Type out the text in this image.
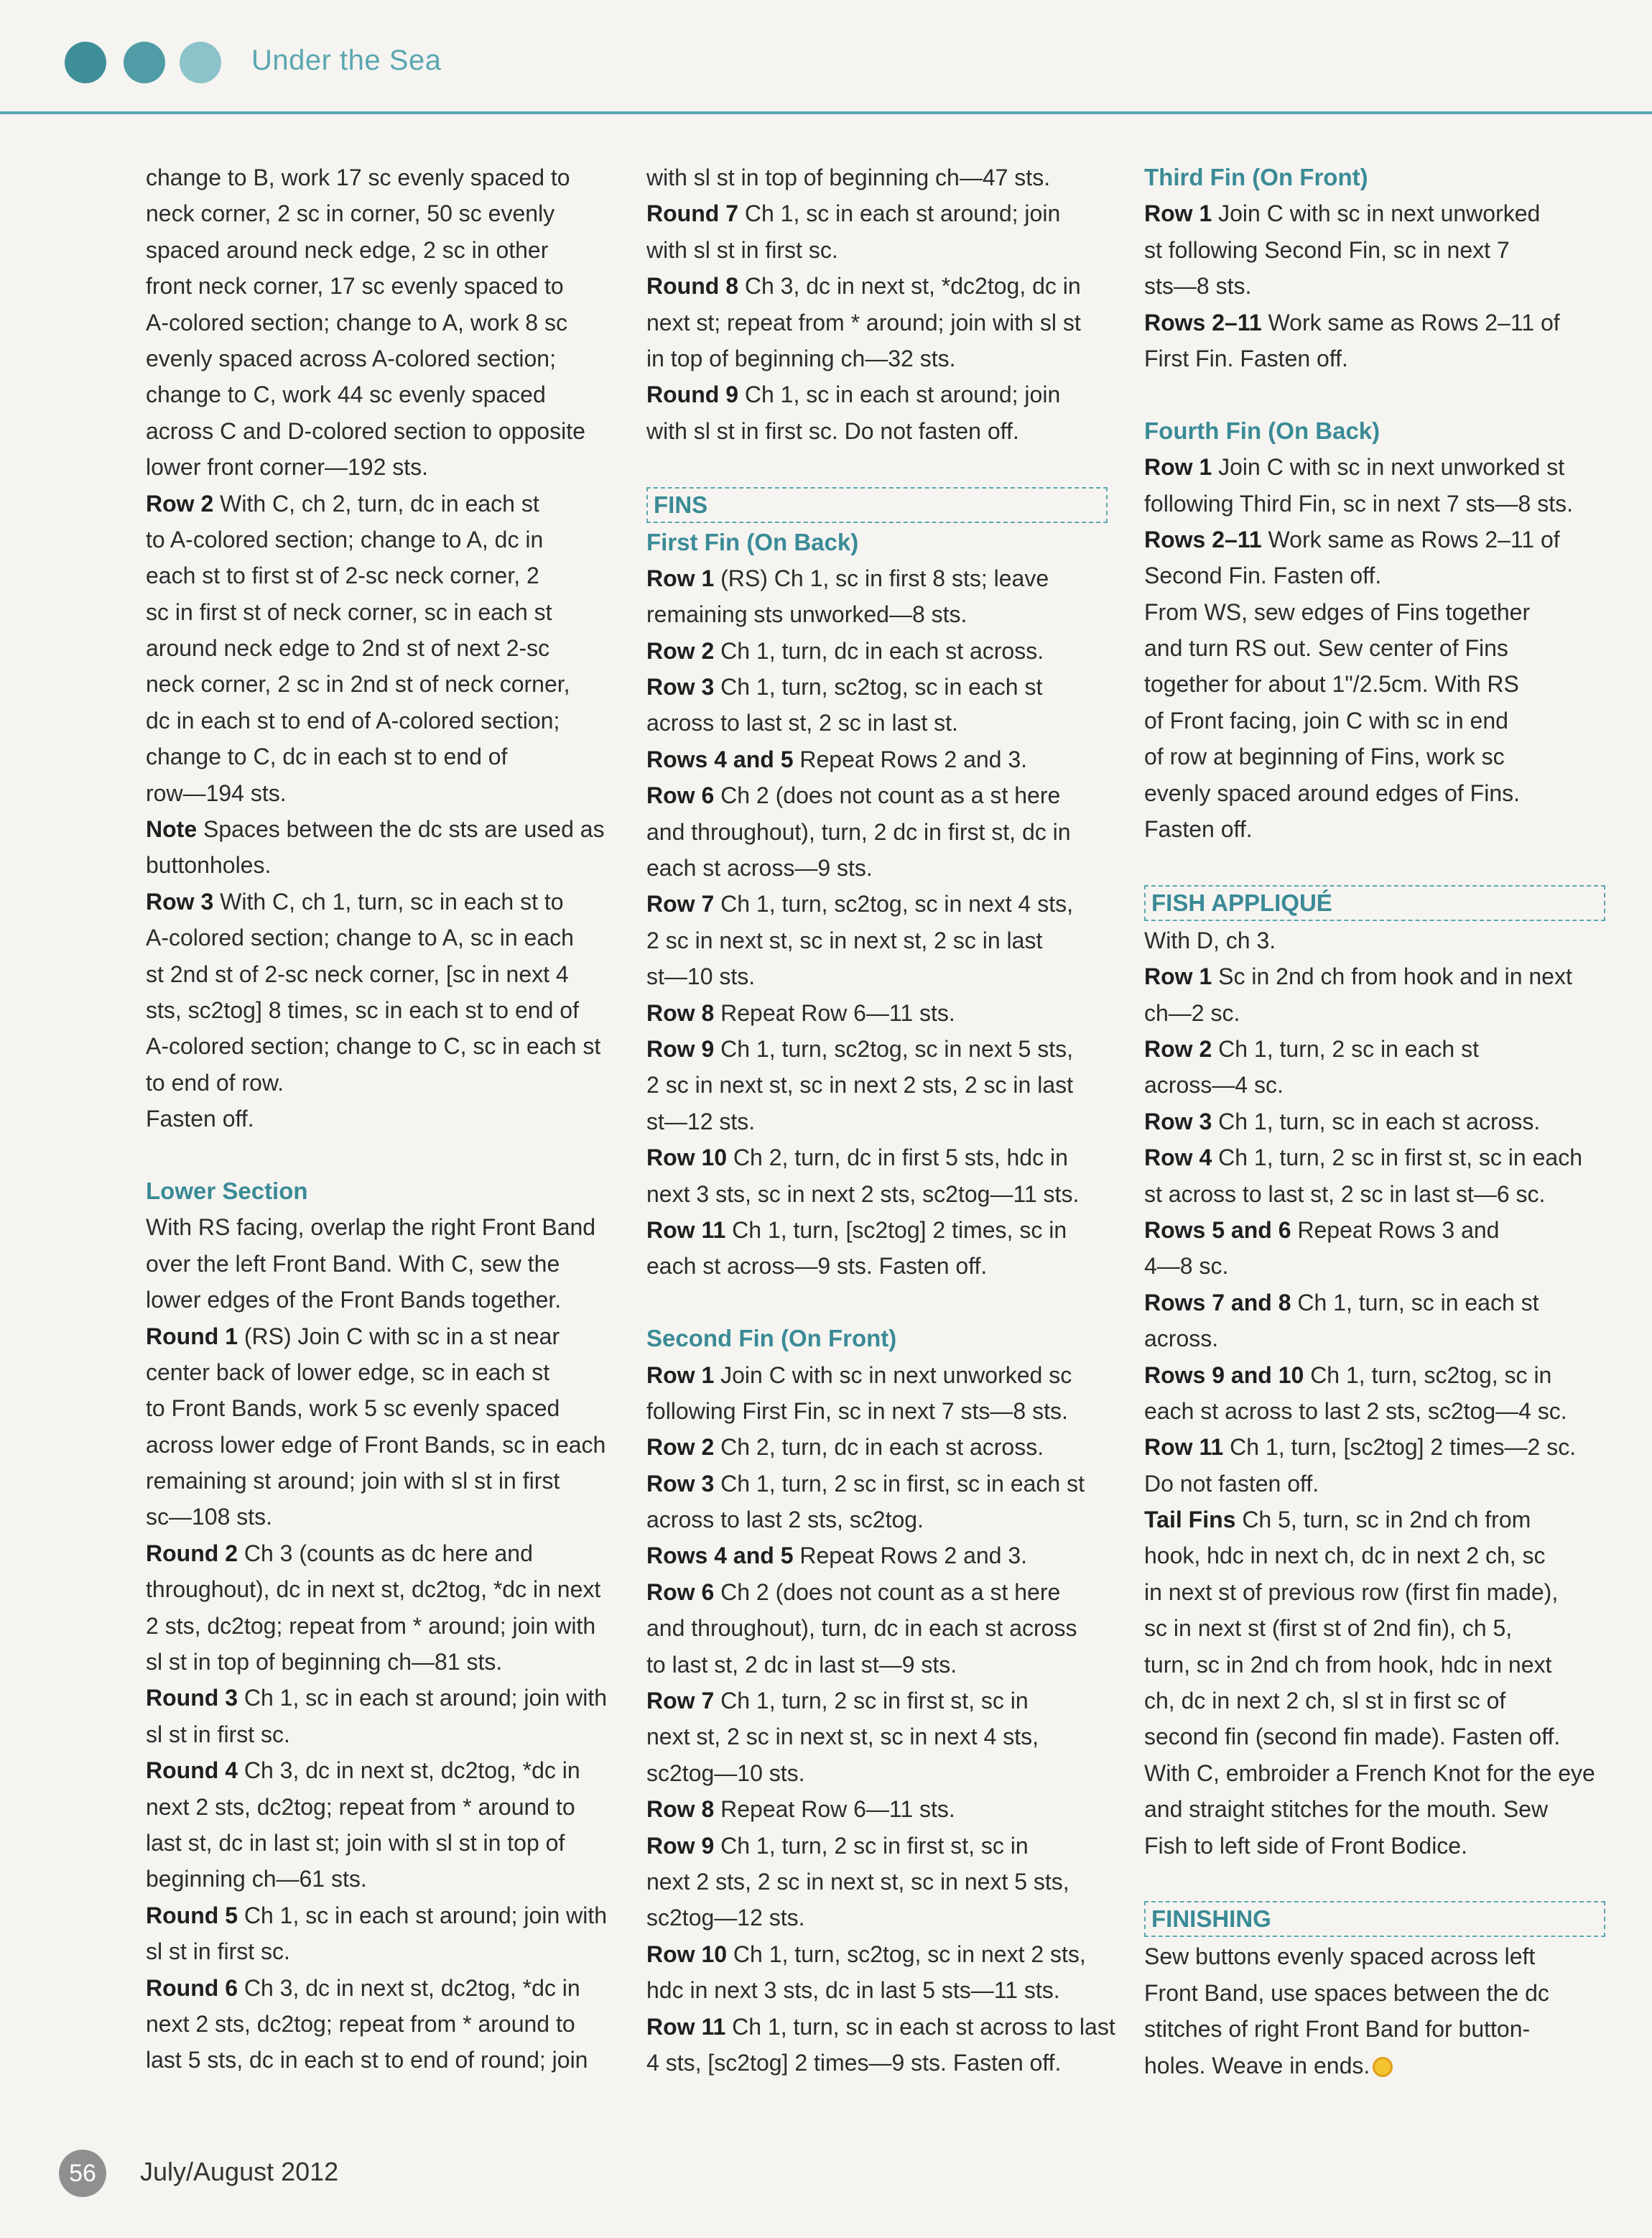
Under the Sea
change to B, work 17 sc evenly spaced to
neck corner, 2 sc in corner, 50 sc evenly
spaced around neck edge, 2 sc in other
front neck corner, 17 sc evenly spaced to
A-colored section; change to A, work 8 sc
evenly spaced across A-colored section;
change to C, work 44 sc evenly spaced
across C and D-colored section to opposite
lower front corner—192 sts.
Row 2 With C, ch 2, turn, dc in each st
to A-colored section; change to A, dc in
each st to first st of 2-sc neck corner, 2
sc in first st of neck corner, sc in each st
around neck edge to 2nd st of next 2-sc
neck corner, 2 sc in 2nd st of neck corner,
dc in each st to end of A-colored section;
change to C, dc in each st to end of
row—194 sts.
Note Spaces between the dc sts are used as
buttonholes.
Row 3 With C, ch 1, turn, sc in each st to
A-colored section; change to A, sc in each
st 2nd st of 2-sc neck corner, [sc in next 4
sts, sc2tog] 8 times, sc in each st to end of
A-colored section; change to C, sc in each st
to end of row.
Fasten off.
Lower Section
With RS facing, overlap the right Front Band
over the left Front Band. With C, sew the
lower edges of the Front Bands together.
Round 1 (RS) Join C with sc in a st near
center back of lower edge, sc in each st
to Front Bands, work 5 sc evenly spaced
across lower edge of Front Bands, sc in each
remaining st around; join with sl st in first
sc—108 sts.
Round 2 Ch 3 (counts as dc here and
throughout), dc in next st, dc2tog, *dc in next
2 sts, dc2tog; repeat from * around; join with
sl st in top of beginning ch—81 sts.
Round 3 Ch 1, sc in each st around; join with
sl st in first sc.
Round 4 Ch 3, dc in next st, dc2tog, *dc in
next 2 sts, dc2tog; repeat from * around to
last st, dc in last st; join with sl st in top of
beginning ch—61 sts.
Round 5 Ch 1, sc in each st around; join with
sl st in first sc.
Round 6 Ch 3, dc in next st, dc2tog, *dc in
next 2 sts, dc2tog; repeat from * around to
last 5 sts, dc in each st to end of round; join
with sl st in top of beginning ch—47 sts.
Round 7 Ch 1, sc in each st around; join
with sl st in first sc.
Round 8 Ch 3, dc in next st, *dc2tog, dc in
next st; repeat from * around; join with sl st
in top of beginning ch—32 sts.
Round 9 Ch 1, sc in each st around; join
with sl st in first sc. Do not fasten off.
FINS
First Fin (On Back)
Row 1 (RS) Ch 1, sc in first 8 sts; leave
remaining sts unworked—8 sts.
Row 2 Ch 1, turn, dc in each st across.
Row 3 Ch 1, turn, sc2tog, sc in each st
across to last st, 2 sc in last st.
Rows 4 and 5 Repeat Rows 2 and 3.
Row 6 Ch 2 (does not count as a st here
and throughout), turn, 2 dc in first st, dc in
each st across—9 sts.
Row 7 Ch 1, turn, sc2tog, sc in next 4 sts,
2 sc in next st, sc in next st, 2 sc in last
st—10 sts.
Row 8 Repeat Row 6—11 sts.
Row 9 Ch 1, turn, sc2tog, sc in next 5 sts,
2 sc in next st, sc in next 2 sts, 2 sc in last
st—12 sts.
Row 10 Ch 2, turn, dc in first 5 sts, hdc in
next 3 sts, sc in next 2 sts, sc2tog—11 sts.
Row 11 Ch 1, turn, [sc2tog] 2 times, sc in
each st across—9 sts. Fasten off.
Second Fin (On Front)
Row 1 Join C with sc in next unworked sc
following First Fin, sc in next 7 sts—8 sts.
Row 2 Ch 2, turn, dc in each st across.
Row 3 Ch 1, turn, 2 sc in first, sc in each st
across to last 2 sts, sc2tog.
Rows 4 and 5 Repeat Rows 2 and 3.
Row 6 Ch 2 (does not count as a st here
and throughout), turn, dc in each st across
to last st, 2 dc in last st—9 sts.
Row 7 Ch 1, turn, 2 sc in first st, sc in
next st, 2 sc in next st, sc in next 4 sts,
sc2tog—10 sts.
Row 8 Repeat Row 6—11 sts.
Row 9 Ch 1, turn, 2 sc in first st, sc in
next 2 sts, 2 sc in next st, sc in next 5 sts,
sc2tog—12 sts.
Row 10 Ch 1, turn, sc2tog, sc in next 2 sts,
hdc in next 3 sts, dc in last 5 sts—11 sts.
Row 11 Ch 1, turn, sc in each st across to last
4 sts, [sc2tog] 2 times—9 sts. Fasten off.
Third Fin (On Front)
Row 1 Join C with sc in next unworked
st following Second Fin, sc in next 7
sts—8 sts.
Rows 2–11 Work same as Rows 2–11 of
First Fin. Fasten off.
Fourth Fin (On Back)
Row 1 Join C with sc in next unworked st
following Third Fin, sc in next 7 sts—8 sts.
Rows 2–11 Work same as Rows 2–11 of
Second Fin. Fasten off.
From WS, sew edges of Fins together
and turn RS out. Sew center of Fins
together for about 1"/2.5cm. With RS
of Front facing, join C with sc in end
of row at beginning of Fins, work sc
evenly spaced around edges of Fins.
Fasten off.
FISH APPLIQUÉ
With D, ch 3.
Row 1 Sc in 2nd ch from hook and in next
ch—2 sc.
Row 2 Ch 1, turn, 2 sc in each st
across—4 sc.
Row 3 Ch 1, turn, sc in each st across.
Row 4 Ch 1, turn, 2 sc in first st, sc in each
st across to last st, 2 sc in last st—6 sc.
Rows 5 and 6 Repeat Rows 3 and
4—8 sc.
Rows 7 and 8 Ch 1, turn, sc in each st
across.
Rows 9 and 10 Ch 1, turn, sc2tog, sc in
each st across to last 2 sts, sc2tog—4 sc.
Row 11 Ch 1, turn, [sc2tog] 2 times—2 sc.
Do not fasten off.
Tail Fins Ch 5, turn, sc in 2nd ch from
hook, hdc in next ch, dc in next 2 ch, sc
in next st of previous row (first fin made),
sc in next st (first st of 2nd fin), ch 5,
turn, sc in 2nd ch from hook, hdc in next
ch, dc in next 2 ch, sl st in first sc of
second fin (second fin made). Fasten off.
With C, embroider a French Knot for the eye
and straight stitches for the mouth. Sew
Fish to left side of Front Bodice.
FINISHING
Sew buttons evenly spaced across left
Front Band, use spaces between the dc
stitches of right Front Band for button-
holes. Weave in ends.
56	July/August 2012
